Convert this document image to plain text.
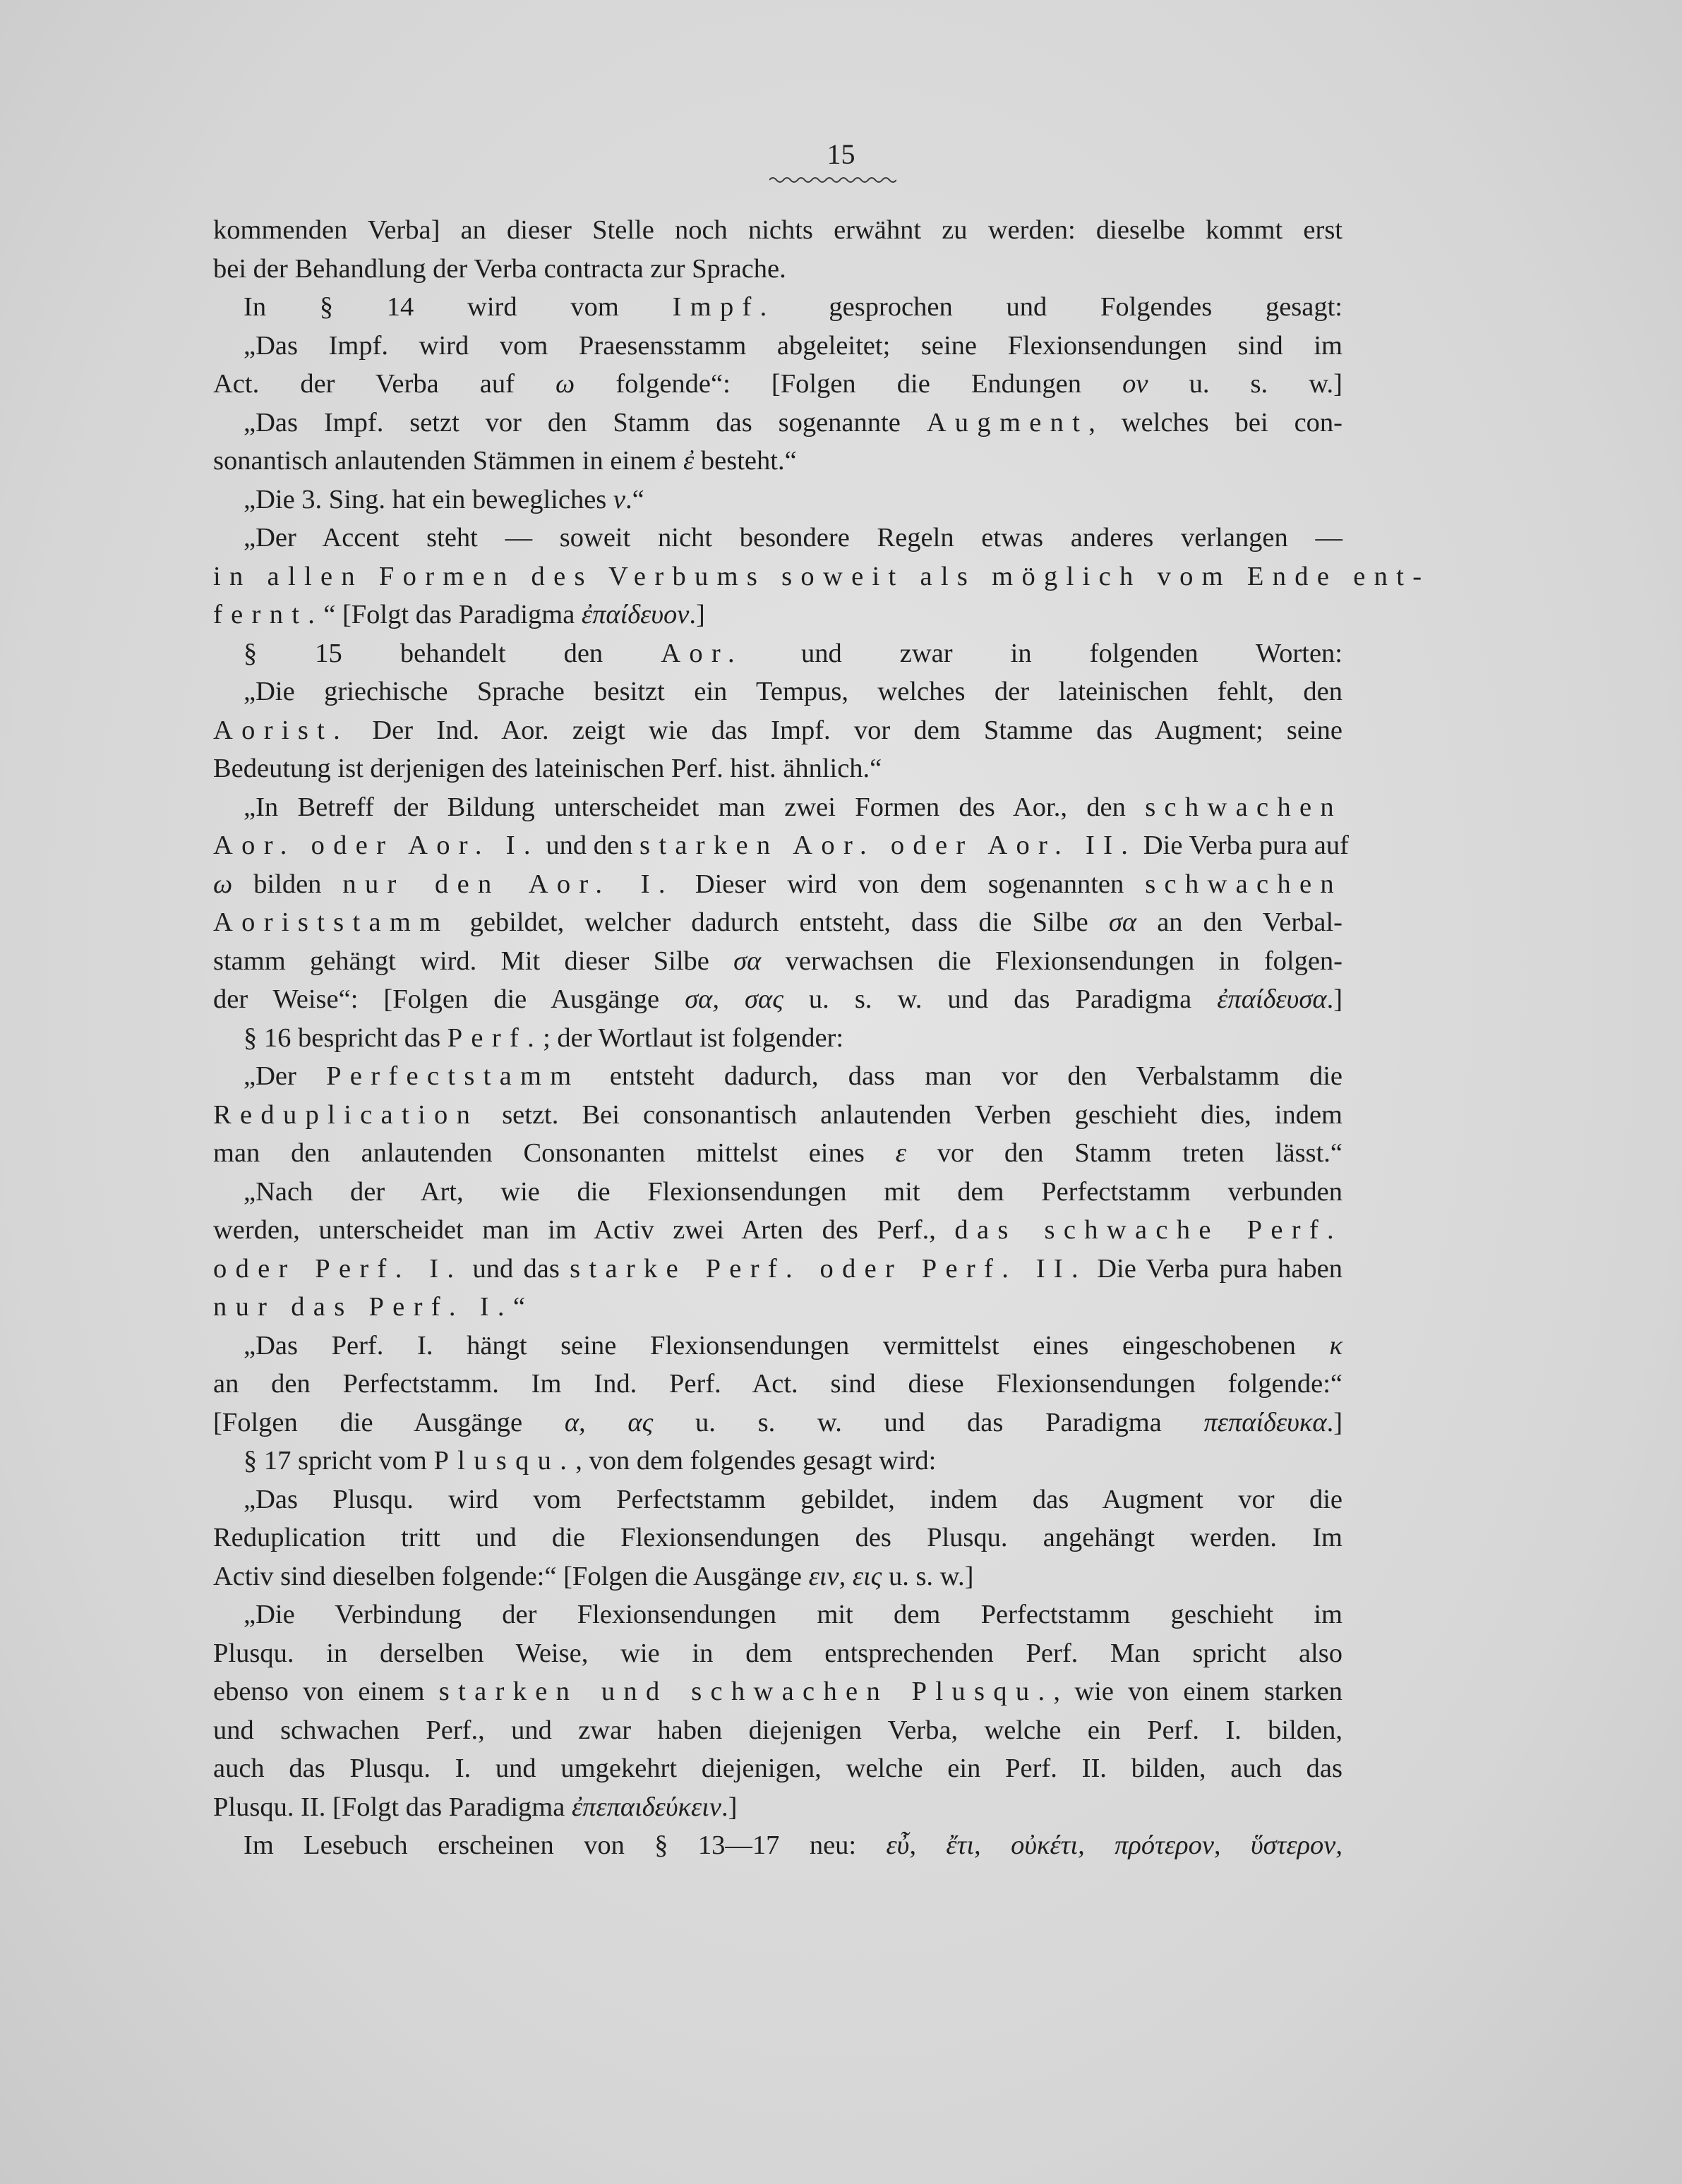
15
kommenden Verba] an dieser Stelle noch nichts erwähnt zu werden: dieselbe kommt erst
bei der Behandlung der Verba contracta zur Sprache.
In § 14 wird vom Impf. gesprochen und Folgendes gesagt:
„Das Impf. wird vom Praesensstamm abgeleitet; seine Flexionsendungen sind im
Act. der Verba auf ω folgende“: [Folgen die Endungen ον u. s. w.]
„Das Impf. setzt vor den Stamm das sogenannte Augment, welches bei con-
sonantisch anlautenden Stämmen in einem ἐ besteht.“
„Die 3. Sing. hat ein bewegliches ν.“
„Der Accent steht — soweit nicht besondere Regeln etwas anderes verlangen —
in allen Formen des Verbums soweit als möglich vom Ende ent-
fernt.“ [Folgt das Paradigma ἐπαίδευον.]
§ 15 behandelt den Aor. und zwar in folgenden Worten:
„Die griechische Sprache besitzt ein Tempus, welches der lateinischen fehlt, den
Aorist. Der Ind. Aor. zeigt wie das Impf. vor dem Stamme das Augment; seine
Bedeutung ist derjenigen des lateinischen Perf. hist. ähnlich.“
„In Betreff der Bildung unterscheidet man zwei Formen des Aor., den schwachen
Aor. oder Aor. I. und den starken Aor. oder Aor. II. Die Verba pura auf
ω bilden nur den Aor. I. Dieser wird von dem sogenannten schwachen
Aoriststamm gebildet, welcher dadurch entsteht, dass die Silbe σα an den Verbal-
stamm gehängt wird. Mit dieser Silbe σα verwachsen die Flexionsendungen in folgen-
der Weise“: [Folgen die Ausgänge σα, σας u. s. w. und das Paradigma ἐπαίδευσα.]
§ 16 bespricht das Perf.; der Wortlaut ist folgender:
„Der Perfectstamm entsteht dadurch, dass man vor den Verbalstamm die
Reduplication setzt. Bei consonantisch anlautenden Verben geschieht dies, indem
man den anlautenden Consonanten mittelst eines ε vor den Stamm treten lässt.“
„Nach der Art, wie die Flexionsendungen mit dem Perfectstamm verbunden
werden, unterscheidet man im Activ zwei Arten des Perf., das schwache Perf.
oder Perf. I. und das starke Perf. oder Perf. II. Die Verba pura haben
nur das Perf. I.“
„Das Perf. I. hängt seine Flexionsendungen vermittelst eines eingeschobenen κ
an den Perfectstamm. Im Ind. Perf. Act. sind diese Flexionsendungen folgende:“
[Folgen die Ausgänge α, ας u. s. w. und das Paradigma πεπαίδευκα.]
§ 17 spricht vom Plusqu., von dem folgendes gesagt wird:
„Das Plusqu. wird vom Perfectstamm gebildet, indem das Augment vor die
Reduplication tritt und die Flexionsendungen des Plusqu. angehängt werden. Im
Activ sind dieselben folgende:“ [Folgen die Ausgänge ειν, εις u. s. w.]
„Die Verbindung der Flexionsendungen mit dem Perfectstamm geschieht im
Plusqu. in derselben Weise, wie in dem entsprechenden Perf. Man spricht also
ebenso von einem starken und schwachen Plusqu., wie von einem starken
und schwachen Perf., und zwar haben diejenigen Verba, welche ein Perf. I. bilden,
auch das Plusqu. I. und umgekehrt diejenigen, welche ein Perf. II. bilden, auch das
Plusqu. II. [Folgt das Paradigma ἐπεπαιδεύκειν.]
Im Lesebuch erscheinen von § 13—17 neu: εὖ, ἔτι, οὐκέτι, πρότερον, ὕστερον,
